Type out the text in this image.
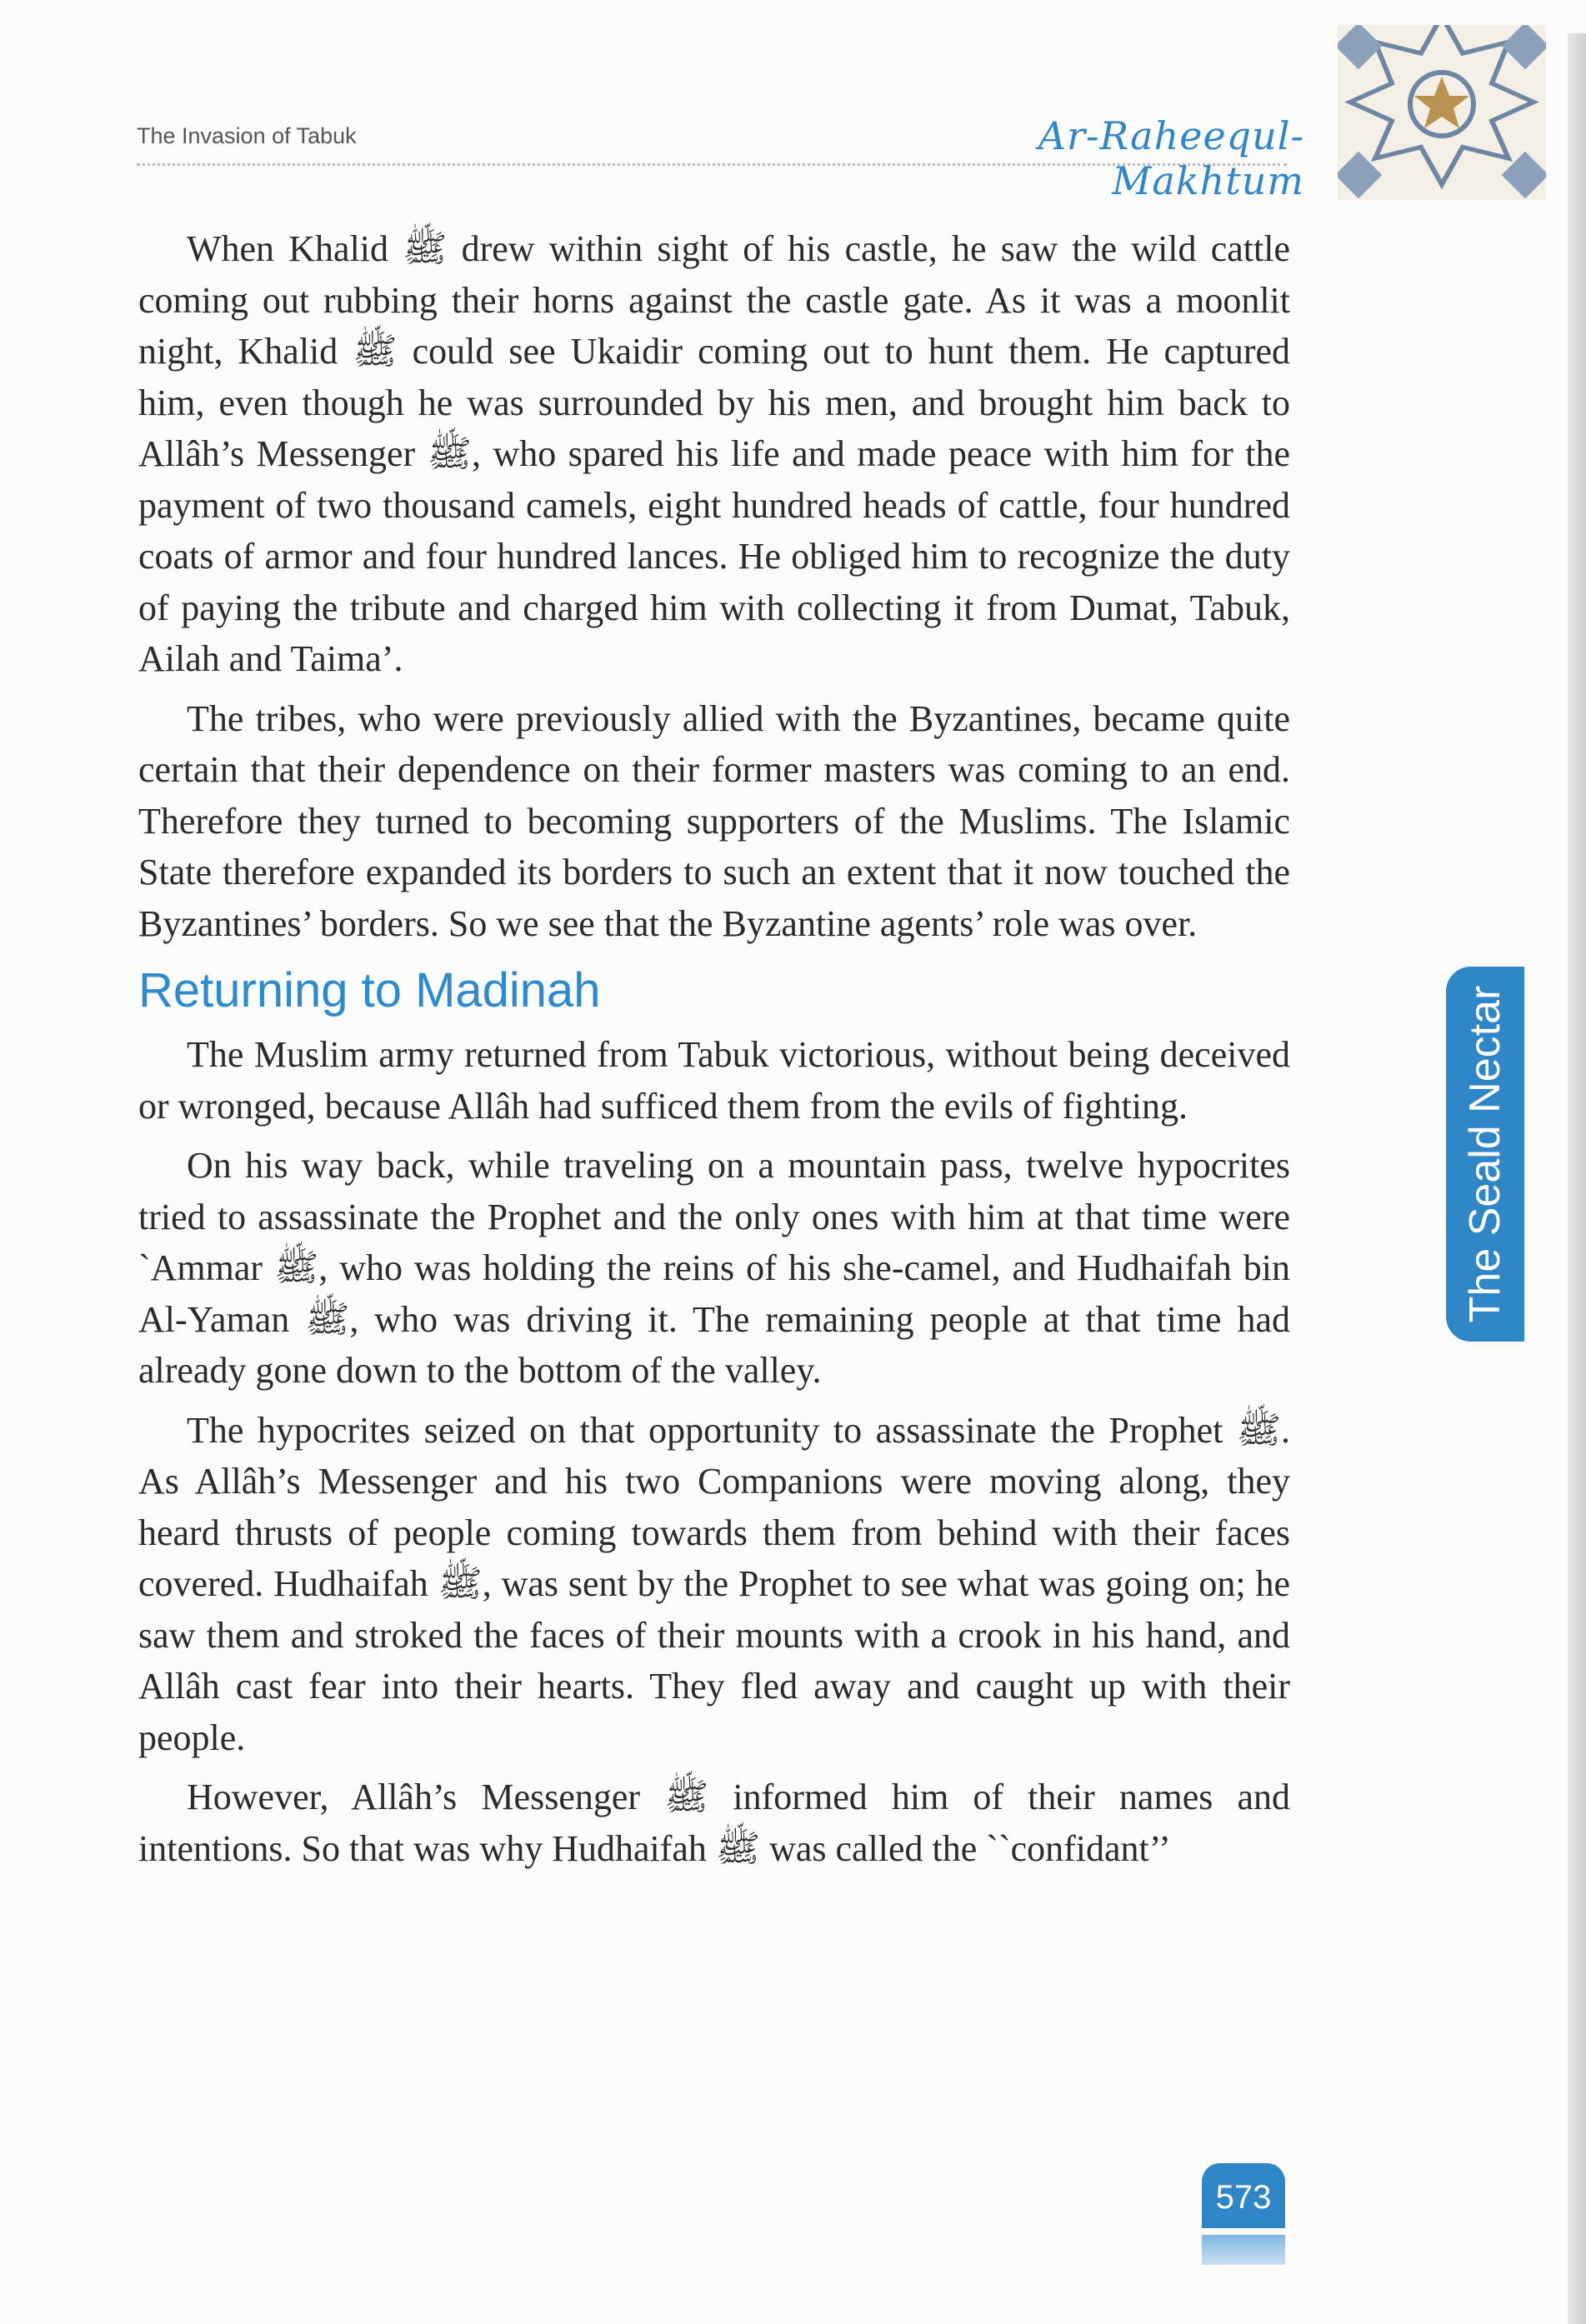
The Invasion of Tabuk	Ar-Raheequl-Makhtum

When Khalid ﷺ drew within sight of his castle, he saw the wild cattle coming out rubbing their horns against the castle gate. As it was a moonlit night, Khalid ﷺ could see Ukaidir coming out to hunt them. He captured him, even though he was surrounded by his men, and brought him back to Allâh’s Messenger ﷺ, who spared his life and made peace with him for the payment of two thousand camels, eight hundred heads of cattle, four hundred coats of armor and four hundred lances. He obliged him to recognize the duty of paying the tribute and charged him with collecting it from Dumat, Tabuk, Ailah and Taima’.

The tribes, who were previously allied with the Byzantines, became quite certain that their dependence on their former masters was coming to an end. Therefore they turned to becoming supporters of the Muslims. The Islamic State therefore expanded its borders to such an extent that it now touched the Byzantines’ borders. So we see that the Byzantine agents’ role was over.

Returning to Madinah

The Muslim army returned from Tabuk victorious, without being deceived or wronged, because Allâh had sufficed them from the evils of fighting.

On his way back, while traveling on a mountain pass, twelve hypocrites tried to assassinate the Prophet and the only ones with him at that time were `Ammar ﷺ, who was holding the reins of his she-camel, and Hudhaifah bin Al-Yaman ﷺ, who was driving it. The remaining people at that time had already gone down to the bottom of the valley.

The hypocrites seized on that opportunity to assassinate the Prophet ﷺ. As Allâh’s Messenger and his two Companions were moving along, they heard thrusts of people coming towards them from behind with their faces covered. Hudhaifah ﷺ, was sent by the Prophet to see what was going on; he saw them and stroked the faces of their mounts with a crook in his hand, and Allâh cast fear into their hearts. They fled away and caught up with their people.

However, Allâh’s Messenger ﷺ informed him of their names and intentions. So that was why Hudhaifah ﷺ was called the ``confidant’’

The Seald Nectar
573
